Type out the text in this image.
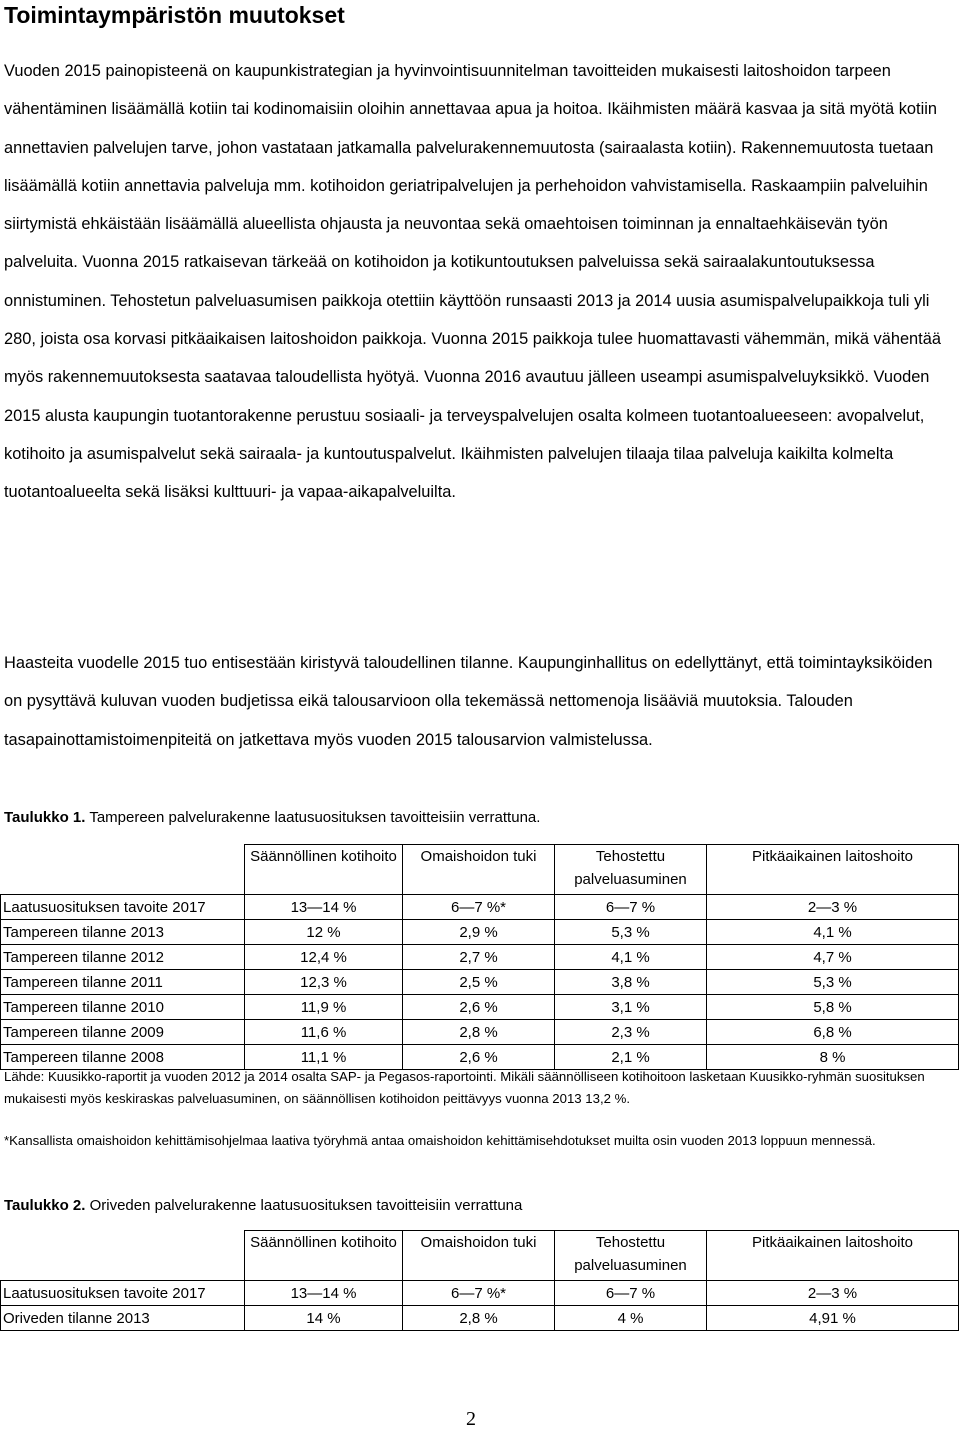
Toimintaympäristön muutokset

Vuoden 2015 painopisteenä on kaupunkistrategian ja hyvinvointisuunnitelman tavoitteiden mukaisesti laitoshoidon tarpeen vähentäminen lisäämällä kotiin tai kodinomaisiin oloihin annettavaa apua ja hoitoa. Ikäihmisten määrä kasvaa ja sitä myötä kotiin annettavien palvelujen tarve, johon vastataan jatkamalla palvelurakennemuutosta (sairaalasta kotiin). Rakennemuutosta tuetaan lisäämällä kotiin annettavia palveluja mm. kotihoidon geriatripalvelujen ja perhehoidon vahvistamisella. Raskaampiin palveluihin siirtymistä ehkäistään lisäämällä alueellista ohjausta ja neuvontaa sekä omaehtoisen toiminnan ja ennaltaehkäisevän työn palveluita. Vuonna 2015 ratkaisevan tärkeää on kotihoidon ja kotikuntoutuksen palveluissa sekä sairaalakuntoutuksessa onnistuminen. Tehostetun palveluasumisen paikkoja otettiin käyttöön runsaasti 2013 ja 2014 uusia asumispalvelupaikkoja tuli yli 280, joista osa korvasi pitkäaikaisen laitoshoidon paikkoja. Vuonna 2015 paikkoja tulee huomattavasti vähemmän, mikä vähentää myös rakennemuutoksesta saatavaa taloudellista hyötyä. Vuonna 2016 avautuu jälleen useampi asumispalveluyksikkö. Vuoden 2015 alusta kaupungin tuotantorakenne perustuu sosiaali- ja terveyspalvelujen osalta kolmeen tuotantoalueeseen: avopalvelut, kotihoito ja asumispalvelut sekä sairaala- ja kuntoutuspalvelut. Ikäihmisten palvelujen tilaaja tilaa palveluja kaikilta kolmelta tuotantoalueelta sekä lisäksi kulttuuri- ja vapaa-aikapalveluilta.

Haasteita vuodelle 2015 tuo entisestään kiristyvä taloudellinen tilanne. Kaupunginhallitus on edellyttänyt, että toimintayksiköiden on pysyttävä kuluvan vuoden budjetissa eikä talousarvioon olla tekemässä nettomenoja lisääviä muutoksia. Talouden tasapainottamistoimenpiteitä on jatkettava myös vuoden 2015 talousarvion valmistelussa.

Taulukko 1. Tampereen palvelurakenne laatusuosituksen tavoitteisiin verrattuna.

	Säännöllinen kotihoito	Omaishoidon tuki	Tehostettu palveluasuminen	Pitkäaikainen laitoshoito
Laatusuosituksen tavoite 2017	13—14 %	6—7 %*	6—7 %	2—3 %
Tampereen tilanne 2013	12 %	2,9 %	5,3 %	4,1 %
Tampereen tilanne 2012	12,4 %	2,7 %	4,1 %	4,7 %
Tampereen tilanne 2011	12,3 %	2,5 %	3,8 %	5,3 %
Tampereen tilanne 2010	11,9 %	2,6 %	3,1 %	5,8 %
Tampereen tilanne 2009	11,6 %	2,8 %	2,3 %	6,8 %
Tampereen tilanne 2008	11,1 %	2,6 %	2,1 %	8 %

Lähde: Kuusikko-raportit ja vuoden 2012 ja 2014 osalta SAP- ja Pegasos-raportointi. Mikäli säännölliseen kotihoitoon lasketaan Kuusikko-ryhmän suosituksen mukaisesti myös keskiraskas palveluasuminen, on säännöllisen kotihoidon peittävyys vuonna 2013 13,2 %.

*Kansallista omaishoidon kehittämisohjelmaa laativa työryhmä antaa omaishoidon kehittämisehdotukset muilta osin vuoden 2013 loppuun mennessä.

Taulukko 2. Oriveden palvelurakenne laatusuosituksen tavoitteisiin verrattuna

	Säännöllinen kotihoito	Omaishoidon tuki	Tehostettu palveluasuminen	Pitkäaikainen laitoshoito
Laatusuosituksen tavoite 2017	13—14 %	6—7 %*	6—7 %	2—3 %
Oriveden tilanne 2013	14 %	2,8 %	4 %	4,91 %
2
